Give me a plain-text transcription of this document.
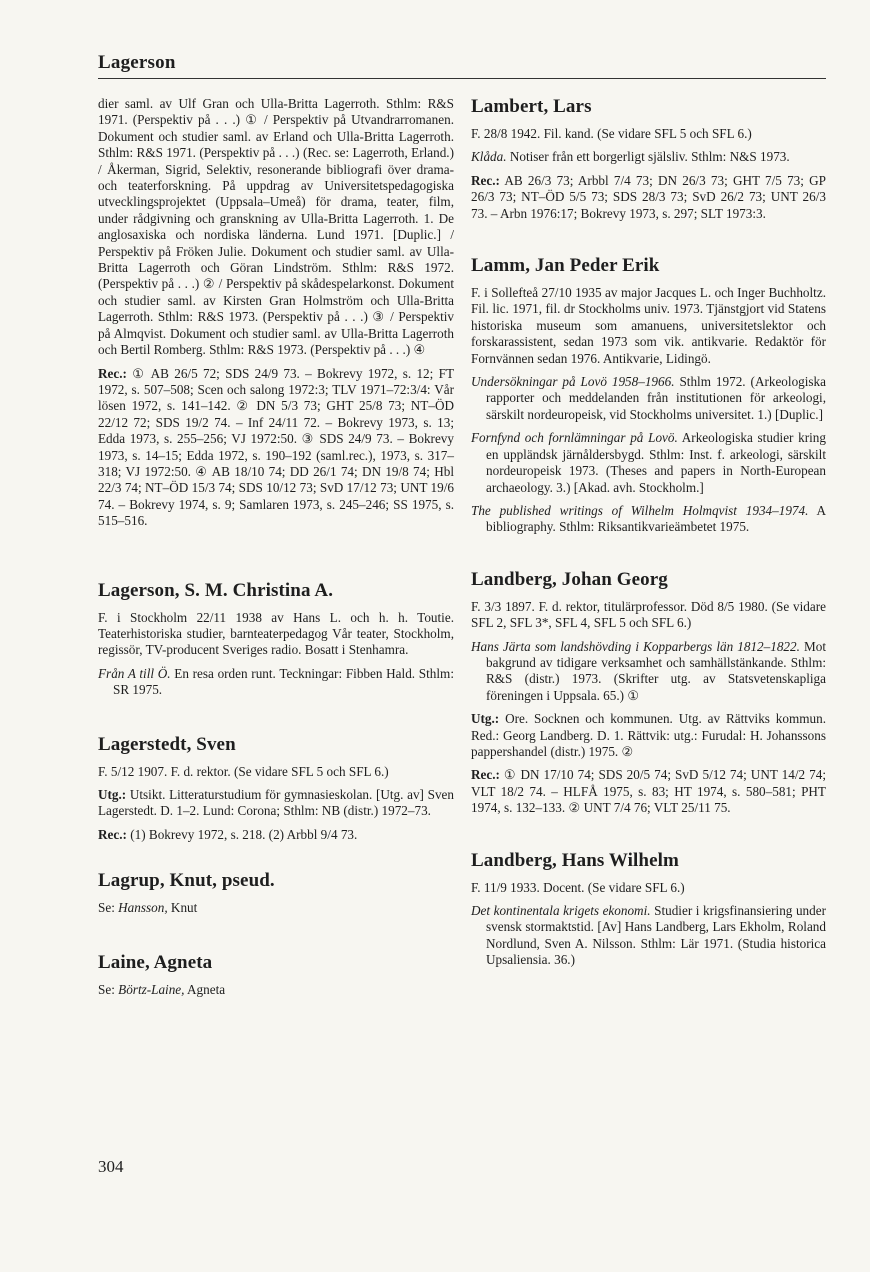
Lagerson
dier saml. av Ulf Gran och Ulla-Britta Lagerroth. Sthlm: R&S 1971. (Perspektiv på . . .) ① / Perspektiv på Utvandrarromanen. Dokument och studier saml. av Erland och Ulla-Britta Lagerroth. Sthlm: R&S 1971. (Perspektiv på . . .) (Rec. se: Lagerroth, Erland.) / Åkerman, Sigrid, Selektiv, resonerande bibliografi över drama- och teaterforskning. På uppdrag av Universitetspedagogiska utvecklingsprojektet (Uppsala–Umeå) för drama, teater, film, under rådgivning och granskning av Ulla-Britta Lagerroth. 1. De anglosaxiska och nordiska länderna. Lund 1971. [Duplic.] / Perspektiv på Fröken Julie. Dokument och studier saml. av Ulla-Britta Lagerroth och Göran Lindström. Sthlm: R&S 1972. (Perspektiv på . . .) ② / Perspektiv på skådespelarkonst. Dokument och studier saml. av Kirsten Gran Holmström och Ulla-Britta Lagerroth. Sthlm: R&S 1973. (Perspektiv på . . .) ③ / Perspektiv på Almqvist. Dokument och studier saml. av Ulla-Britta Lagerroth och Bertil Romberg. Sthlm: R&S 1973. (Perspektiv på . . .) ④
Rec.: ① AB 26/5 72; SDS 24/9 73. – Bokrevy 1972, s. 12; FT 1972, s. 507–508; Scen och salong 1972:3; TLV 1971–72:3/4: Vår lösen 1972, s. 141–142. ② DN 5/3 73; GHT 25/8 73; NT–ÖD 22/12 72; SDS 19/2 74. – Inf 24/11 72. – Bokrevy 1973, s. 13; Edda 1973, s. 255–256; VJ 1972:50. ③ SDS 24/9 73. – Bokrevy 1973, s. 14–15; Edda 1972, s. 190–192 (saml.rec.), 1973, s. 317–318; VJ 1972:50. ④ AB 18/10 74; DD 26/1 74; DN 19/8 74; Hbl 22/3 74; NT–ÖD 15/3 74; SDS 10/12 73; SvD 17/12 73; UNT 19/6 74. – Bokrevy 1974, s. 9; Samlaren 1973, s. 245–246; SS 1975, s. 515–516.
Lagerson, S. M. Christina A.
F. i Stockholm 22/11 1938 av Hans L. och h. h. Toutie. Teaterhistoriska studier, barnteaterpedagog Vår teater, Stockholm, regissör, TV-producent Sveriges radio. Bosatt i Stenhamra.
Från A till Ö. En resa orden runt. Teckningar: Fibben Hald. Sthlm: SR 1975.
Lagerstedt, Sven
F. 5/12 1907. F. d. rektor. (Se vidare SFL 5 och SFL 6.)
Utg.: Utsikt. Litteraturstudium för gymnasieskolan. [Utg. av] Sven Lagerstedt. D. 1–2. Lund: Corona; Sthlm: NB (distr.) 1972–73.
Rec.: (1) Bokrevy 1972, s. 218. (2) Arbbl 9/4 73.
Lagrup, Knut, pseud.
Se: Hansson, Knut
Laine, Agneta
Se: Börtz-Laine, Agneta
Lambert, Lars
F. 28/8 1942. Fil. kand. (Se vidare SFL 5 och SFL 6.)
Klåda. Notiser från ett borgerligt själsliv. Sthlm: N&S 1973.
Rec.: AB 26/3 73; Arbbl 7/4 73; DN 26/3 73; GHT 7/5 73; GP 26/3 73; NT–ÖD 5/5 73; SDS 28/3 73; SvD 26/2 73; UNT 26/3 73. – Arbn 1976:17; Bokrevy 1973, s. 297; SLT 1973:3.
Lamm, Jan Peder Erik
F. i Sollefteå 27/10 1935 av major Jacques L. och Inger Buchholtz. Fil. lic. 1971, fil. dr Stockholms univ. 1973. Tjänstgjort vid Statens historiska museum som amanuens, universitetslektor och forskarassistent, sedan 1973 som vik. antikvarie. Redaktör för Fornvännen sedan 1976. Antikvarie, Lidingö.
Undersökningar på Lovö 1958–1966. Sthlm 1972. (Arkeologiska rapporter och meddelanden från institutionen för arkeologi, särskilt nordeuropeisk, vid Stockholms universitet. 1.) [Duplic.]
Fornfynd och fornlämningar på Lovö. Arkeologiska studier kring en uppländsk järnåldersbygd. Sthlm: Inst. f. arkeologi, särskilt nordeuropeisk 1973. (Theses and papers in North-European archaeology. 3.) [Akad. avh. Stockholm.]
The published writings of Wilhelm Holmqvist 1934–1974. A bibliography. Sthlm: Riksantikvarieämbetet 1975.
Landberg, Johan Georg
F. 3/3 1897. F. d. rektor, titulärprofessor. Död 8/5 1980. (Se vidare SFL 2, SFL 3*, SFL 4, SFL 5 och SFL 6.)
Hans Järta som landshövding i Kopparbergs län 1812–1822. Mot bakgrund av tidigare verksamhet och samhällstänkande. Sthlm: R&S (distr.) 1973. (Skrifter utg. av Statsvetenskapliga föreningen i Uppsala. 65.) ①
Utg.: Ore. Socknen och kommunen. Utg. av Rättviks kommun. Red.: Georg Landberg. D. 1. Rättvik: utg.: Furudal: H. Johanssons pappershandel (distr.) 1975. ②
Rec.: ① DN 17/10 74; SDS 20/5 74; SvD 5/12 74; UNT 14/2 74; VLT 18/2 74. – HLFÅ 1975, s. 83; HT 1974, s. 580–581; PHT 1974, s. 132–133. ② UNT 7/4 76; VLT 25/11 75.
Landberg, Hans Wilhelm
F. 11/9 1933. Docent. (Se vidare SFL 6.)
Det kontinentala krigets ekonomi. Studier i krigsfinansiering under svensk stormaktstid. [Av] Hans Landberg, Lars Ekholm, Roland Nordlund, Sven A. Nilsson. Sthlm: Lär 1971. (Studia historica Upsaliensia. 36.)
304
